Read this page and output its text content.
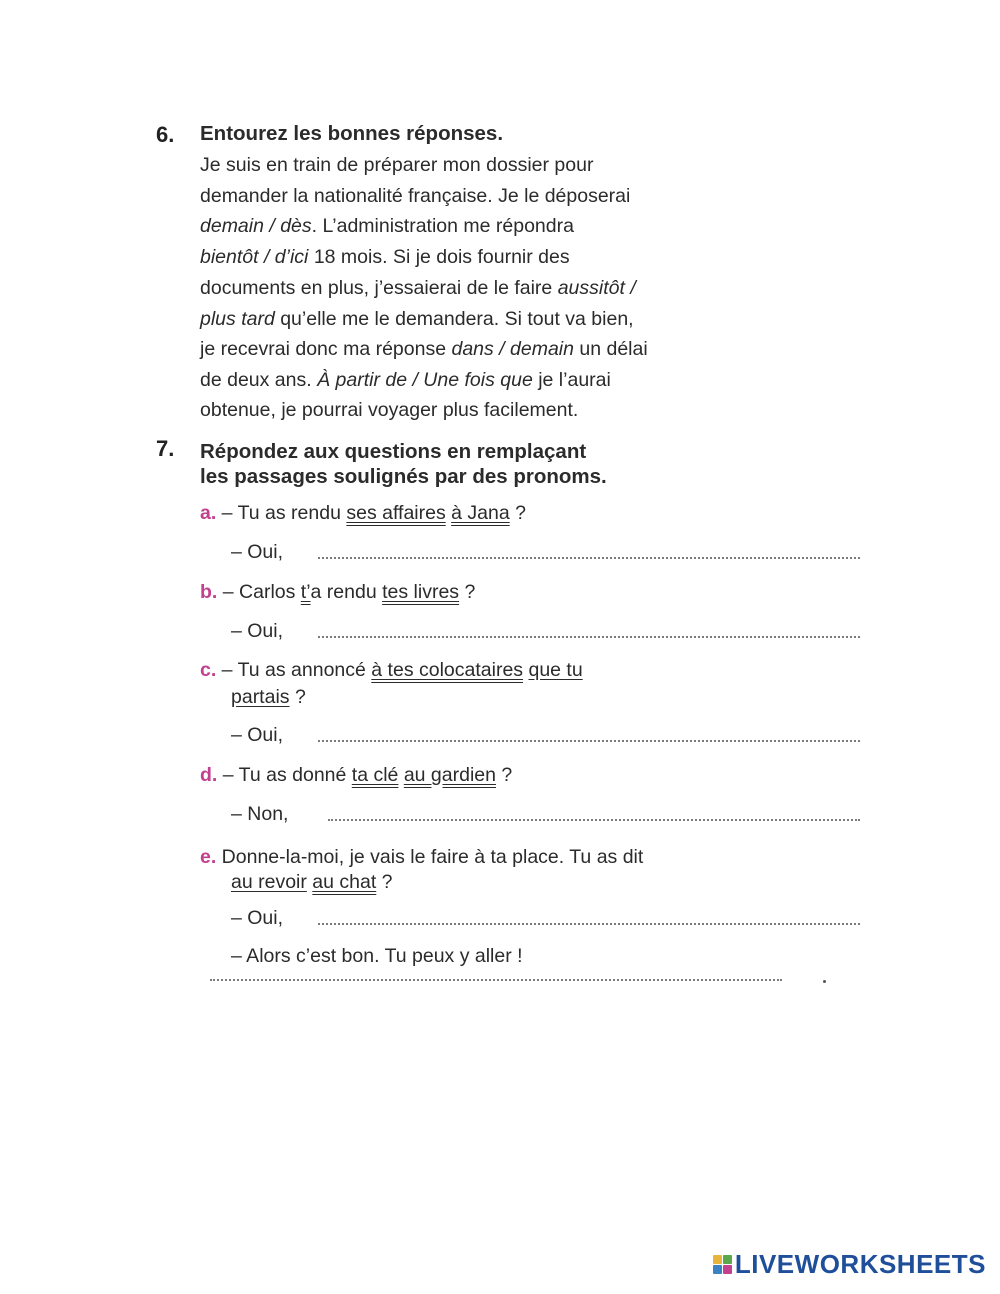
6. Entourez les bonnes réponses.
Je suis en train de préparer mon dossier pour
demander la nationalité française. Je le déposerai
demain / dès. L’administration me répondra
bientôt / d’ici 18 mois. Si je dois fournir des
documents en plus, j’essaierai de le faire aussitôt /
plus tard qu’elle me le demandera. Si tout va bien,
je recevrai donc ma réponse dans / demain un délai
de deux ans. À partir de / Une fois que je l’aurai
obtenue, je pourrai voyager plus facilement.
7. Répondez aux questions en remplaçant
les passages soulignés par des pronoms.
a. – Tu as rendu ses affaires à Jana ?
– Oui,
b. – Carlos t’a rendu tes livres ?
– Oui,
c. – Tu as annoncé à tes colocataires que tu
partais ?
– Oui,
d. – Tu as donné ta clé au gardien ?
– Non,
e. Donne-la-moi, je vais le faire à ta place. Tu as dit
au revoir au chat ?
– Oui,
– Alors c’est bon. Tu peux y aller !
LIVEWORKSHEETS
